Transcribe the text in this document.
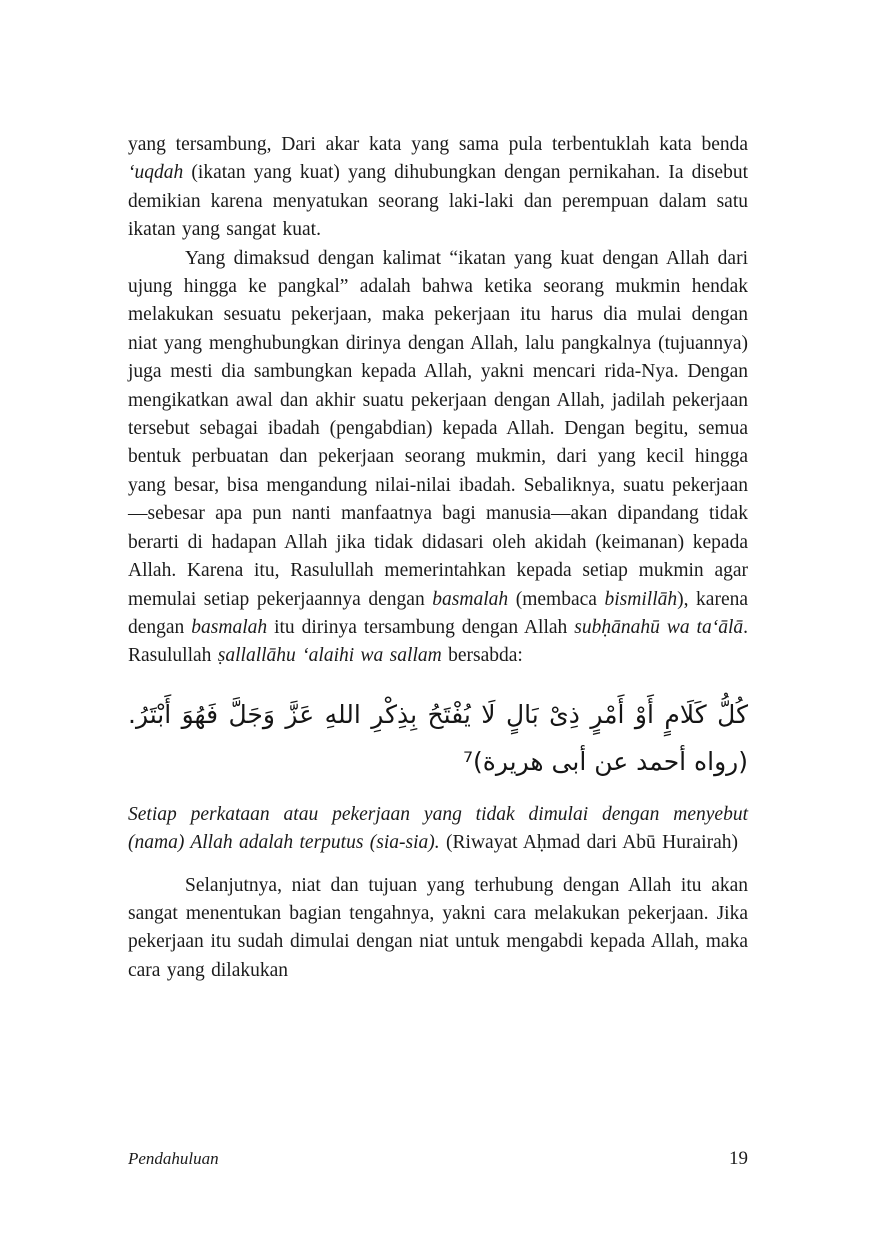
yang tersambung, Dari akar kata yang sama pula terbentuklah kata benda ‘uqdah (ikatan yang kuat) yang dihubungkan dengan pernikahan. Ia disebut demikian karena menyatukan seorang laki-laki dan perempuan dalam satu ikatan yang sangat kuat.

Yang dimaksud dengan kalimat “ikatan yang kuat dengan Allah dari ujung hingga ke pangkal” adalah bahwa ketika seorang mukmin hendak melakukan sesuatu pekerjaan, maka pekerjaan itu harus dia mulai dengan niat yang menghubungkan dirinya dengan Allah, lalu pangkalnya (tujuannya) juga mesti dia sambungkan kepada Allah, yakni mencari rida-Nya. Dengan mengikatkan awal dan akhir suatu pekerjaan dengan Allah, jadilah pekerjaan tersebut sebagai ibadah (pengabdian) kepada Allah. Dengan begitu, semua bentuk perbuatan dan pekerjaan seorang mukmin, dari yang kecil hingga yang besar, bisa mengandung nilai-nilai ibadah. Sebaliknya, suatu pekerjaan—sebesar apa pun nanti manfaatnya bagi manusia—akan dipandang tidak berarti di hadapan Allah jika tidak didasari oleh akidah (keimanan) kepada Allah. Karena itu, Rasulullah memerintahkan kepada setiap mukmin agar memulai setiap pekerjaannya dengan basmalah (membaca bismillāh), karena dengan basmalah itu dirinya tersambung dengan Allah subḥānahū wa ta‘ālā. Rasulullah ṣallallāhu ‘alaihi wa sallam bersabda:

كُلُّ كَلَامٍ أَوْ أَمْرٍ ذِىْ بَالٍ لَا يُفْتَحُ بِذِكْرِ اللهِ عَزَّ وَجَلَّ فَهُوَ أَبْتَرُ. (رواه أحمد عن أبى هريرة)⁷

Setiap perkataan atau pekerjaan yang tidak dimulai dengan menyebut (nama) Allah adalah terputus (sia-sia). (Riwayat Aḥmad dari Abū Hurairah)

Selanjutnya, niat dan tujuan yang terhubung dengan Allah itu akan sangat menentukan bagian tengahnya, yakni cara melakukan pekerjaan. Jika pekerjaan itu sudah dimulai dengan niat untuk mengabdi kepada Allah, maka cara yang dilakukan

Pendahuluan	19
